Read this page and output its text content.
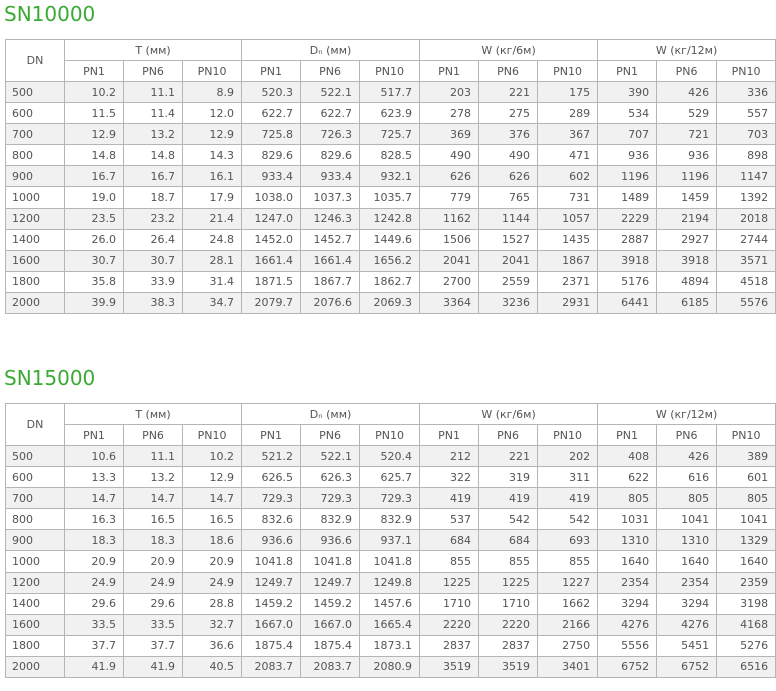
SN10000
DN	T (мм)			Dₙ (мм)			W (кг/6м)			W (кг/12м)		
	PN1	PN6	PN10	PN1	PN6	PN10	PN1	PN6	PN10	PN1	PN6	PN10
500	10.2	11.1	8.9	520.3	522.1	517.7	203	221	175	390	426	336
600	11.5	11.4	12.0	622.7	622.7	623.9	278	275	289	534	529	557
700	12.9	13.2	12.9	725.8	726.3	725.7	369	376	367	707	721	703
800	14.8	14.8	14.3	829.6	829.6	828.5	490	490	471	936	936	898
900	16.7	16.7	16.1	933.4	933.4	932.1	626	626	602	1196	1196	1147
1000	19.0	18.7	17.9	1038.0	1037.3	1035.7	779	765	731	1489	1459	1392
1200	23.5	23.2	21.4	1247.0	1246.3	1242.8	1162	1144	1057	2229	2194	2018
1400	26.0	26.4	24.8	1452.0	1452.7	1449.6	1506	1527	1435	2887	2927	2744
1600	30.7	30.7	28.1	1661.4	1661.4	1656.2	2041	2041	1867	3918	3918	3571
1800	35.8	33.9	31.4	1871.5	1867.7	1862.7	2700	2559	2371	5176	4894	4518
2000	39.9	38.3	34.7	2079.7	2076.6	2069.3	3364	3236	2931	6441	6185	5576
SN15000
DN	T (мм)			Dₙ (мм)			W (кг/6м)			W (кг/12м)		
	PN1	PN6	PN10	PN1	PN6	PN10	PN1	PN6	PN10	PN1	PN6	PN10
500	10.6	11.1	10.2	521.2	522.1	520.4	212	221	202	408	426	389
600	13.3	13.2	12.9	626.5	626.3	625.7	322	319	311	622	616	601
700	14.7	14.7	14.7	729.3	729.3	729.3	419	419	419	805	805	805
800	16.3	16.5	16.5	832.6	832.9	832.9	537	542	542	1031	1041	1041
900	18.3	18.3	18.6	936.6	936.6	937.1	684	684	693	1310	1310	1329
1000	20.9	20.9	20.9	1041.8	1041.8	1041.8	855	855	855	1640	1640	1640
1200	24.9	24.9	24.9	1249.7	1249.7	1249.8	1225	1225	1227	2354	2354	2359
1400	29.6	29.6	28.8	1459.2	1459.2	1457.6	1710	1710	1662	3294	3294	3198
1600	33.5	33.5	32.7	1667.0	1667.0	1665.4	2220	2220	2166	4276	4276	4168
1800	37.7	37.7	36.6	1875.4	1875.4	1873.1	2837	2837	2750	5556	5451	5276
2000	41.9	41.9	40.5	2083.7	2083.7	2080.9	3519	3519	3401	6752	6752	6516
